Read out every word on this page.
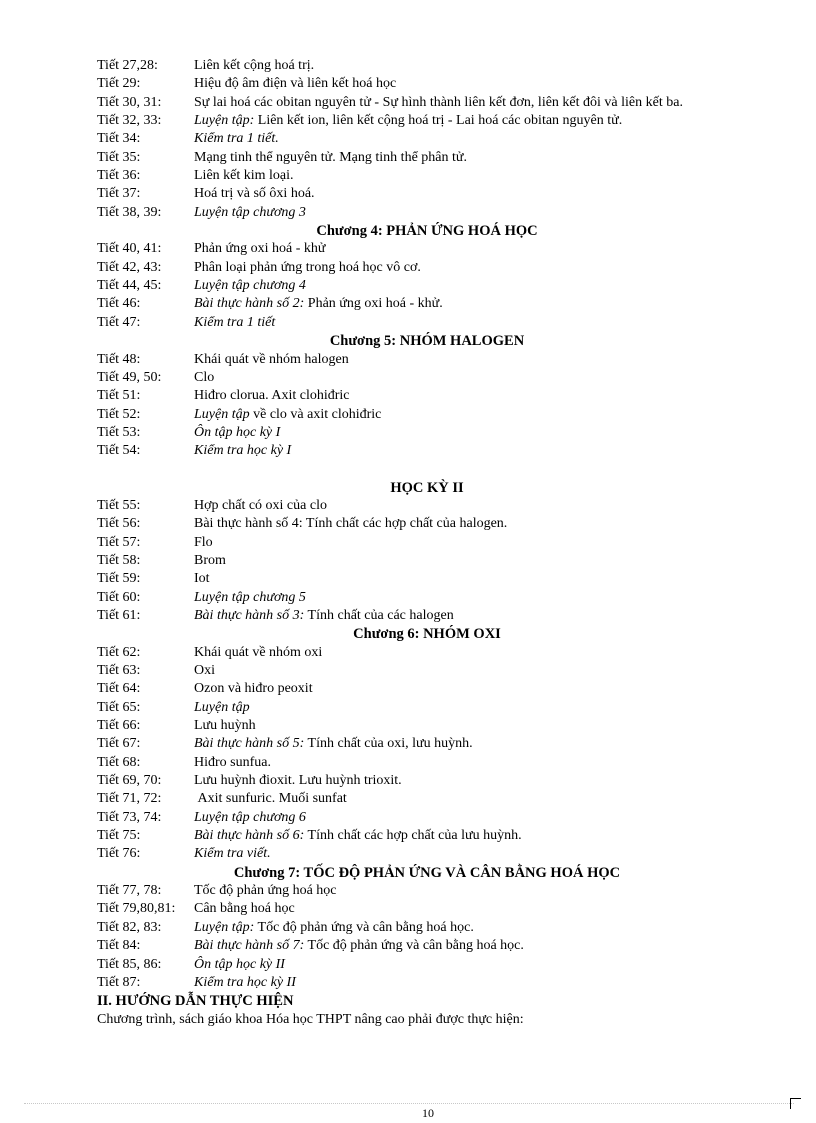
Tiết 27,28:	Liên kết cộng hoá trị.
Tiết 29:	Hiệu độ âm điện và liên kết hoá học
Tiết 30, 31:	Sự lai hoá các obitan nguyên tử - Sự hình thành liên kết đơn, liên kết đôi và liên kết ba.
Tiết 32, 33:	Luyện tập: Liên kết ion, liên kết cộng hoá trị - Lai hoá các obitan nguyên tử.
Tiết 34:	Kiểm tra 1 tiết.
Tiết 35:	Mạng tinh thể nguyên tử. Mạng tinh thể phân tử.
Tiết 36:	Liên kết kim loại.
Tiết 37:	Hoá trị và số ôxi hoá.
Tiết 38, 39:	Luyện tập chương 3
Chương 4: PHẢN ỨNG HOÁ HỌC
Tiết 40, 41:	Phản ứng oxi hoá - khử
Tiết 42, 43:	Phân loại phản ứng trong hoá học vô cơ.
Tiết 44, 45:	Luyện tập chương 4
Tiết 46:	Bài thực hành số 2: Phản ứng oxi hoá - khử.
Tiết 47:	Kiểm tra 1 tiết
Chương 5: NHÓM HALOGEN
Tiết 48:	Khái quát về nhóm halogen
Tiết 49, 50:	Clo
Tiết 51:	Hiđro clorua. Axit clohiđric
Tiết 52:	Luyện tập về clo và axit clohiđric
Tiết 53:	Ôn tập học kỳ I
Tiết 54:	Kiểm tra học kỳ I
HỌC KỲ II
Tiết 55:	Hợp chất có oxi của clo
Tiết 56:	Bài thực hành số 4: Tính chất các hợp chất của halogen.
Tiết 57:	Flo
Tiết 58:	Brom
Tiết 59:	Iot
Tiết 60:	Luyện tập chương 5
Tiết 61:	Bài thực hành số 3: Tính chất của các halogen
Chương 6: NHÓM OXI
Tiết 62:	Khái quát về nhóm oxi
Tiết 63:	Oxi
Tiết 64:	Ozon và hiđro peoxit
Tiết 65:	Luyện tập
Tiết 66:	Lưu huỳnh
Tiết 67:	Bài thực hành số 5: Tính chất của oxi, lưu huỳnh.
Tiết 68:	Hiđro sunfua.
Tiết 69, 70:	Lưu huỳnh đioxit. Lưu huỳnh trioxit.
Tiết 71, 72:	Axit sunfuric. Muối sunfat
Tiết 73, 74:	Luyện tập chương 6
Tiết 75:	Bài thực hành số 6: Tính chất các hợp chất của lưu huỳnh.
Tiết 76:	Kiểm tra viết.
Chương 7: TỐC ĐỘ PHẢN ỨNG VÀ CÂN BẰNG HOÁ HỌC
Tiết 77, 78:	Tốc độ phản ứng hoá học
Tiết 79,80,81:	Cân bằng hoá học
Tiết 82, 83:	Luyện tập: Tốc độ phản ứng và cân bằng hoá học.
Tiết 84:	Bài thực hành số 7: Tốc độ phản ứng và cân bằng hoá học.
Tiết 85, 86:	Ôn tập học kỳ II
Tiết 87:	Kiểm tra học kỳ II
II. HƯỚNG DẪN THỰC HIỆN
Chương trình, sách giáo khoa Hóa học THPT nâng cao phải được thực hiện:
10
